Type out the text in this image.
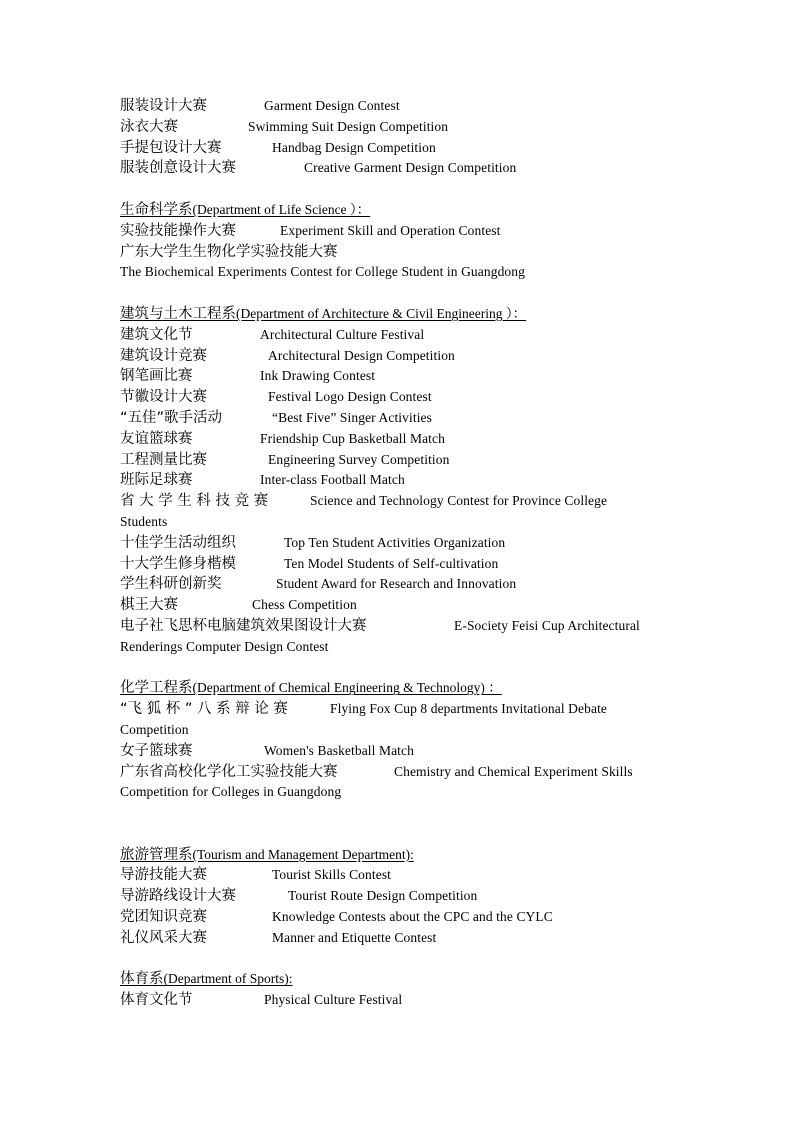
服装设计大赛	Garment Design Contest
泳衣大赛	Swimming Suit Design Competition
手提包设计大赛	Handbag Design Competition
服装创意设计大赛	Creative Garment Design Competition
生命科学系(Department of Life Science ）：
实验技能操作大赛	Experiment Skill and Operation Contest
广东大学生生物化学实验技能大赛
The Biochemical Experiments Contest for College Student in Guangdong
建筑与土木工程系(Department of Architecture & Civil Engineering ）：
建筑文化节	Architectural Culture Festival
建筑设计竞赛	Architectural Design Competition
钢笔画比赛	Ink Drawing Contest
节徽设计大赛	Festival Logo Design Contest
“五佳”歌手活动	“Best Five” Singer Activities
友谊篮球赛	Friendship Cup Basketball Match
工程测量比赛	Engineering Survey Competition
班际足球赛	Inter-class Football Match
省 大 学 生 科 技 竞 赛	Science and Technology Contest for Province College
Students
十佳学生活动组织	Top Ten Student Activities Organization
十大学生修身楷模	Ten Model Students of Self-cultivation
学生科研创新奖	Student Award for Research and Innovation
棋王大赛	Chess Competition
电子社飞思杯电脑建筑效果图设计大赛	E-Society Feisi Cup Architectural
Renderings Computer Design Contest
化学工程系(Department of Chemical Engineering & Technology) ：
“飞 狐 杯 ” 八 系 辩 论 赛	Flying Fox Cup 8 departments Invitational Debate
Competition
女子篮球赛	Women's Basketball Match
广东省高校化学化工实验技能大赛	Chemistry and Chemical Experiment Skills
Competition for Colleges in Guangdong
旅游管理系(Tourism and Management Department):
导游技能大赛	Tourist Skills Contest
导游路线设计大赛	Tourist Route Design Competition
党团知识竞赛	Knowledge Contests about the CPC and the CYLC
礼仪风采大赛	Manner and Etiquette Contest
体育系(Department of Sports):
体育文化节	Physical Culture Festival
